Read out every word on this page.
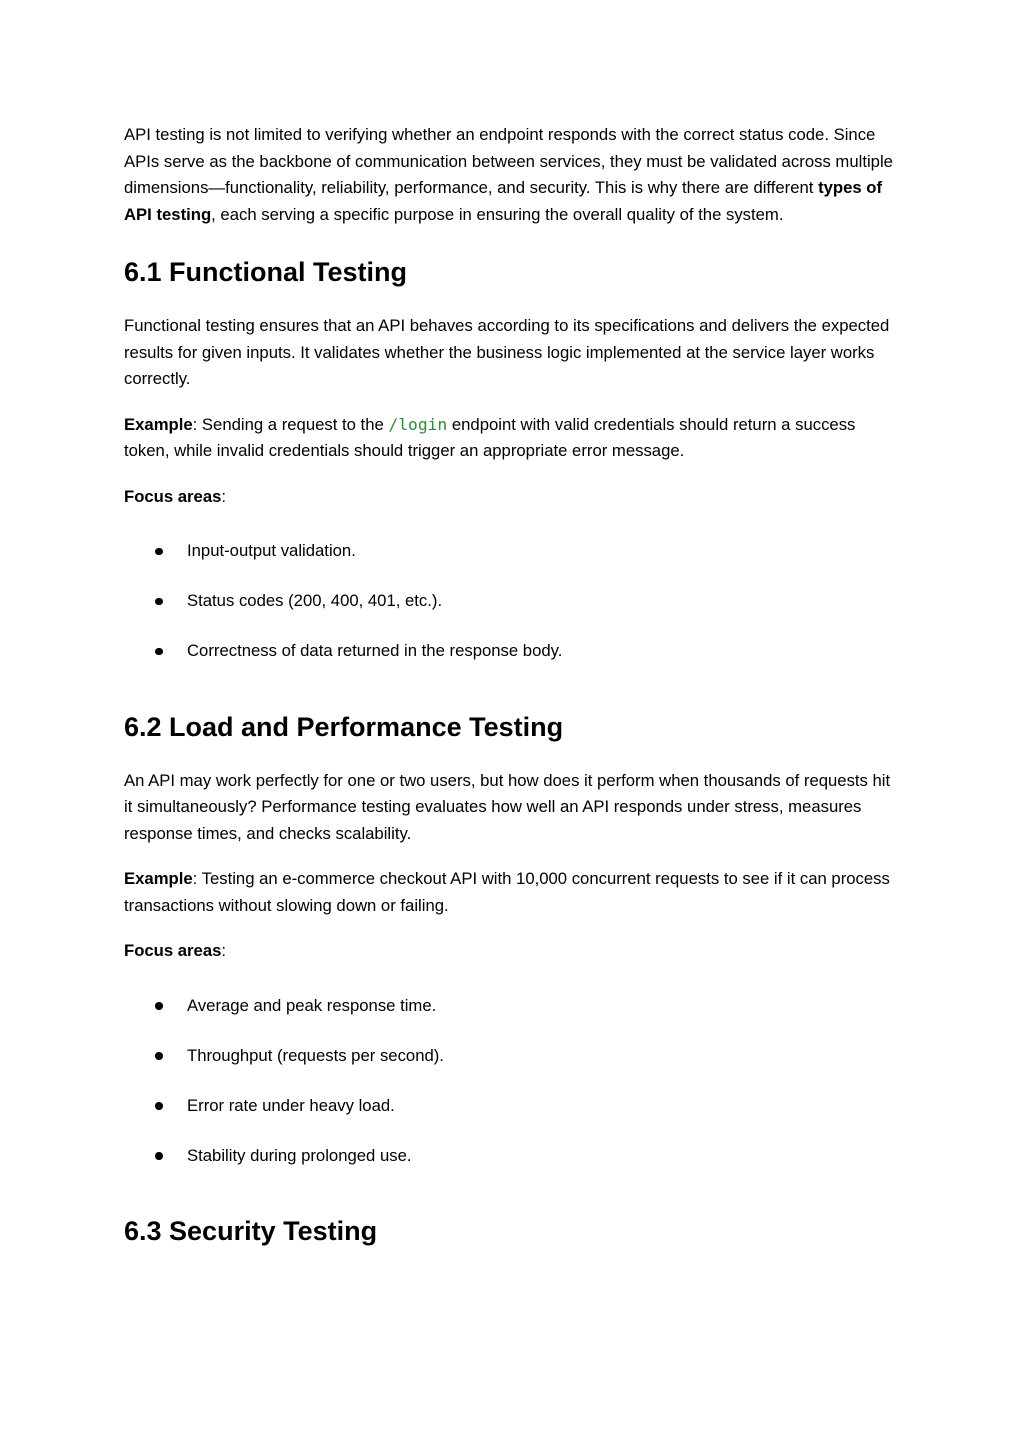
API testing is not limited to verifying whether an endpoint responds with the correct status code. Since APIs serve as the backbone of communication between services, they must be validated across multiple dimensions—functionality, reliability, performance, and security. This is why there are different types of API testing, each serving a specific purpose in ensuring the overall quality of the system.

6.1 Functional Testing

Functional testing ensures that an API behaves according to its specifications and delivers the expected results for given inputs. It validates whether the business logic implemented at the service layer works correctly.

Example: Sending a request to the /login endpoint with valid credentials should return a success token, while invalid credentials should trigger an appropriate error message.

Focus areas:

Input-output validation.
Status codes (200, 400, 401, etc.).
Correctness of data returned in the response body.
6.2 Load and Performance Testing

An API may work perfectly for one or two users, but how does it perform when thousands of requests hit it simultaneously? Performance testing evaluates how well an API responds under stress, measures response times, and checks scalability.

Example: Testing an e-commerce checkout API with 10,000 concurrent requests to see if it can process transactions without slowing down or failing.

Focus areas:

Average and peak response time.
Throughput (requests per second).
Error rate under heavy load.
Stability during prolonged use.
6.3 Security Testing
